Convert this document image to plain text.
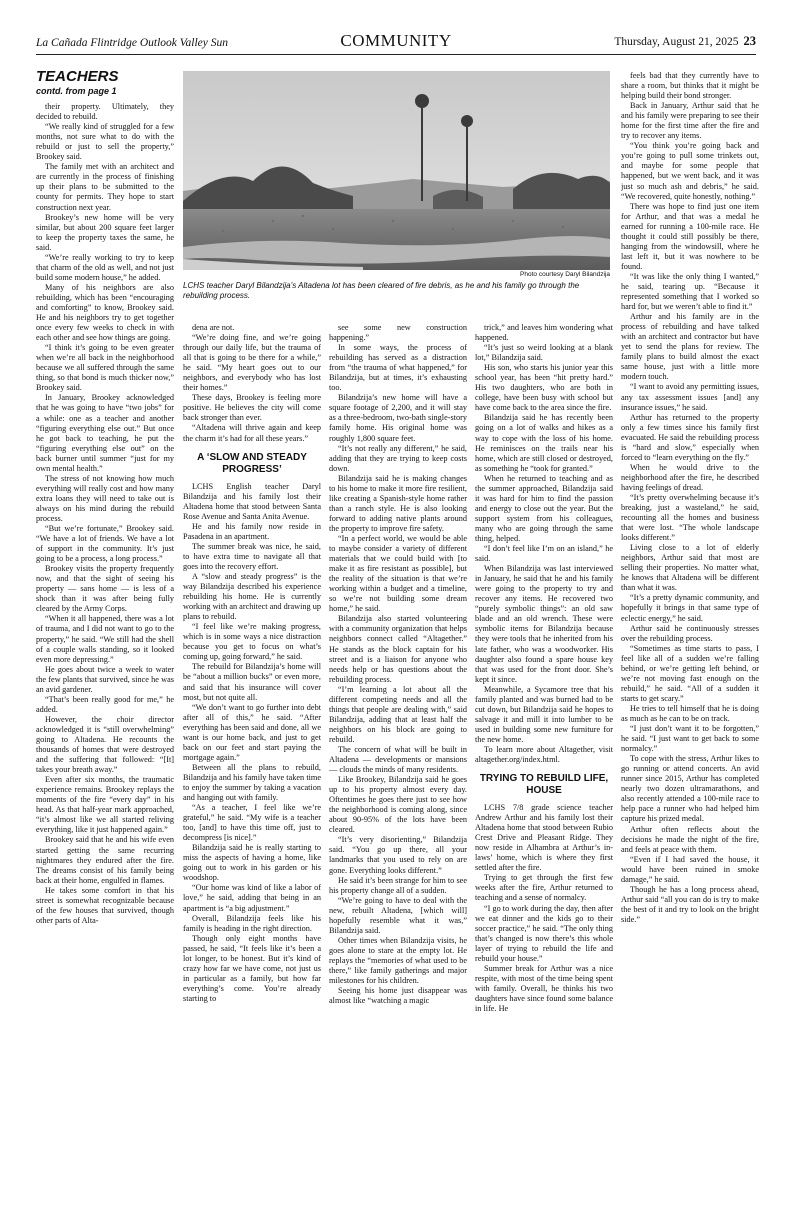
La Cañada Flintridge Outlook Valley Sun	COMMUNITY	Thursday, August 21, 2025 23
TEACHERS
contd. from page 1

their property. Ultimately, they decided to rebuild.

“We really kind of struggled for a few months, not sure what to do with the rebuild or just to sell the property,” Brookey said.

The family met with an architect and are currently in the process of finishing up their plans to be submitted to the county for permits. They hope to start construction next year.

Brookey’s new home will be very similar, but about 200 square feet larger to keep the property taxes the same, he said.

“We’re really working to try to keep that charm of the old as well, and not just build some modern house,” he added.

Many of his neighbors are also rebuilding, which has been “encouraging and comforting” to know, Brookey said. He and his neighbors try to get together once every few weeks to check in with each other and see how things are going.

“I think it’s going to be even greater when we’re all back in the neighborhood because we all suffered through the same thing, so that bond is much thicker now,” Brookey said.

In January, Brookey acknowledged that he was going to have “two jobs” for a while: one as a teacher and another “figuring everything else out.” But once he got back to teaching, he put the “figuring everything else out” on the back burner until summer “just for my own mental health.”

The stress of not knowing how much everything will really cost and how many extra loans they will need to take out is always on his mind during the rebuild process.

“But we’re fortunate,” Brookey said. “We have a lot of friends. We have a lot of support in the community. It’s just going to be a process, a long process.”

Brookey visits the property frequently now, and that the sight of seeing his property — sans home — is less of a shock than it was after being fully cleared by the Army Corps.

“When it all happened, there was a lot of trauma, and I did not want to go to the property,” he said. “We still had the shell of a couple walls standing, so it looked even more depressing.”

He goes about twice a week to water the few plants that survived, since he was an avid gardener.

“That’s been really good for me,” he added.

However, the choir director acknowledged it is “still overwhelming” going to Altadena. He recounts the thousands of homes that were destroyed and the suffering that followed: “[It] takes your breath away.”

Even after six months, the traumatic experience remains. Brookey replays the moments of the fire “every day” in his head. As that half-year mark approached, “it’s almost like we all started reliving everything, like it just happened again.”

Brookey said that he and his wife even started getting the same recurring nightmares they endured after the fire. The dreams consist of his family being back at their home, engulfed in flames.

He takes some comfort in that his street is somewhat recognizable because of the few houses that survived, though other parts of Alta-

Photo courtesy Daryl Bilandzija
LCHS teacher Daryl Bilandzija’s Altadena lot has been cleared of fire debris, as he and his family go through the rebuilding process.

dena are not.

“We’re doing fine, and we’re going through our daily life, but the trauma of all that is going to be there for a while,” he said. “My heart goes out to our neighbors, and everybody who has lost their homes.”

These days, Brookey is feeling more positive. He believes the city will come back stronger than ever.

“Altadena will thrive again and keep the charm it’s had for all these years.”

A ‘SLOW AND STEADY PROGRESS’

LCHS English teacher Daryl Bilandzija and his family lost their Altadena home that stood between Santa Rose Avenue and Santa Anita Avenue.

He and his family now reside in Pasadena in an apartment.

The summer break was nice, he said, to have extra time to navigate all that goes into the recovery effort.

A “slow and steady progress” is the way Bilandzija described his experience rebuilding his home. He is currently working with an architect and drawing up plans to rebuild.

“I feel like we’re making progress, which is in some ways a nice distraction because you get to focus on what’s coming up, going forward,” he said.

The rebuild for Bilandzija’s home will be “about a million bucks” or even more, and said that his insurance will cover most, but not quite all.

“We don’t want to go further into debt after all of this,” he said. “After everything has been said and done, all we want is our home back, and just to get back on our feet and start paying the mortgage again.”

Between all the plans to rebuild, Bilandzija and his family have taken time to enjoy the summer by taking a vacation and hanging out with family.

“As a teacher, I feel like we’re grateful,” he said. “My wife is a teacher too, [and] to have this time off, just to decompress [is nice].”

Bilandzija said he is really starting to miss the aspects of having a home, like going out to work in his garden or his woodshop.

“Our home was kind of like a labor of love,” he said, adding that being in an apartment is “a big adjustment.”

Overall, Bilandzija feels like his family is heading in the right direction.

Though only eight months have passed, he said, “It feels like it’s been a lot longer, to be honest. But it’s kind of crazy how far we have come, not just us in particular as a family, but how far everything’s come. You’re already starting to

see some new construction happening.”

In some ways, the process of rebuilding has served as a distraction from “the trauma of what happened,” for Bilandzija, but at times, it’s exhausting too.

Bilandzija’s new home will have a square footage of 2,200, and it will stay as a three-bedroom, two-bath single-story family home. His original home was roughly 1,800 square feet.

“It’s not really any different,” he said, adding that they are trying to keep costs down.

Bilandzija said he is making changes to his home to make it more fire resilient, like creating a Spanish-style home rather than a ranch style. He is also looking forward to adding native plants around the property to improve fire safety.

“In a perfect world, we would be able to maybe consider a variety of different materials that we could build with [to make it as fire resistant as possible], but the reality of the situation is that we’re working within a budget and a timeline, so we’re not building some dream home,” he said.

Bilandzija also started volunteering with a community organization that helps neighbors connect called “Altagether.” He stands as the block captain for his street and is a liaison for anyone who needs help or has questions about the rebuilding process.

“I’m learning a lot about all the different competing needs and all the things that people are dealing with,” said Bilandzija, adding that at least half the neighbors on his block are going to rebuild.

The concern of what will be built in Altadena — developments or mansions — clouds the minds of many residents.

Like Brookey, Bilandzija said he goes up to his property almost every day. Oftentimes he goes there just to see how the neighborhood is coming along, since about 90-95% of the lots have been cleared.

“It’s very disorienting,” Bilandzija said. “You go up there, all your landmarks that you used to rely on are gone. Everything looks different.”

He said it’s been strange for him to see his property change all of a sudden.

“We’re going to have to deal with the new, rebuilt Altadena, [which will] hopefully resemble what it was,” Bilandzija said.

Other times when Bilandzija visits, he goes alone to stare at the empty lot. He replays the “memories of what used to be there,” like family gatherings and major milestones for his children.

Seeing his home just disappear was almost like “watching a magic

trick,” and leaves him wondering what happened.

“It’s just so weird looking at a blank lot,” Bilandzija said.

His son, who starts his junior year this school year, has been “hit pretty hard.” His two daughters, who are both in college, have been busy with school but have come back to the area since the fire.

Bilandzija said he has recently been going on a lot of walks and hikes as a way to cope with the loss of his home. He reminisces on the trails near his home, which are still closed or destroyed, as something he “took for granted.”

When he returned to teaching and as the summer approached, Bilandzija said it was hard for him to find the passion and energy to close out the year. But the support system from his colleagues, many who are going through the same thing, helped.

“I don’t feel like I’m on an island,” he said.

When Bilandzija was last interviewed in January, he said that he and his family were going to the property to try and recover any items. He recovered two “purely symbolic things”: an old saw blade and an old wrench. These were symbolic items for Bilandzija because they were tools that he inherited from his late father, who was a woodworker. His daughter also found a spare house key that was used for the front door. She’s kept it since.

Meanwhile, a Sycamore tree that his family planted and was burned had to be cut down, but Bilandzija said he hopes to salvage it and mill it into lumber to be used in building some new furniture for the new home.

To learn more about Altagether, visit altagether.org/index.html.

TRYING TO REBUILD LIFE, HOUSE

LCHS 7/8 grade science teacher Andrew Arthur and his family lost their Altadena home that stood between Rubio Crest Drive and Pleasant Ridge. They now reside in Alhambra at Arthur’s in-laws’ home, which is where they first settled after the fire.

Trying to get through the first few weeks after the fire, Arthur returned to teaching and a sense of normalcy.

“I go to work during the day, then after we eat dinner and the kids go to their soccer practice,” he said. “The only thing that’s changed is now there’s this whole layer of trying to rebuild the life and rebuild your house.”

Summer break for Arthur was a nice respite, with most of the time being spent with family. Overall, he thinks his two daughters have since found some balance in life. He

feels bad that they currently have to share a room, but thinks that it might be helping build their bond stronger.

Back in January, Arthur said that he and his family were preparing to see their home for the first time after the fire and try to recover any items.

“You think you’re going back and you’re going to pull some trinkets out, and maybe for some people that happened, but we went back, and it was just so much ash and debris,” he said. “We recovered, quite honestly, nothing.”

There was hope to find just one item for Arthur, and that was a medal he earned for running a 100-mile race. He thought it could still possibly be there, hanging from the windowsill, where he last left it, but it was nowhere to be found.

“It was like the only thing I wanted,” he said, tearing up. “Because it represented something that I worked so hard for, but we weren’t able to find it.”

Arthur and his family are in the process of rebuilding and have talked with an architect and contractor but have yet to send the plans for review. The family plans to build almost the exact same house, just with a little more modern touch.

“I want to avoid any permitting issues, any tax assessment issues [and] any insurance issues,” he said.

Arthur has returned to the property only a few times since his family first evacuated. He said the rebuilding process is “hard and slow,” especially when forced to “learn everything on the fly.”

When he would drive to the neighborhood after the fire, he described having feelings of dread.

“It’s pretty overwhelming because it’s breaking, just a wasteland,” he said, recounting all the homes and business that were lost. “The whole landscape looks different.”

Living close to a lot of elderly neighbors, Arthur said that most are selling their properties. No matter what, he knows that Altadena will be different than what it was.

“It’s a pretty dynamic community, and hopefully it brings in that same type of eclectic energy,” he said.

Arthur said he continuously stresses over the rebuilding process.

“Sometimes as time starts to pass, I feel like all of a sudden we’re falling behind, or we’re getting left behind, or we’re not moving fast enough on the rebuild,” he said. “All of a sudden it starts to get scary.”

He tries to tell himself that he is doing as much as he can to be on track.

“I just don’t want it to be forgotten,” he said. “I just want to get back to some normalcy.”

To cope with the stress, Arthur likes to go running or attend concerts. An avid runner since 2015, Arthur has completed nearly two dozen ultramarathons, and also recently attended a 100-mile race to help pace a runner who had helped him capture his prized medal.

Arthur often reflects about the decisions he made the night of the fire, and feels at peace with them.

“Even if I had saved the house, it would have been ruined in smoke damage,” he said.

Though he has a long process ahead, Arthur said “all you can do is try to make the best of it and try to look on the bright side.”
